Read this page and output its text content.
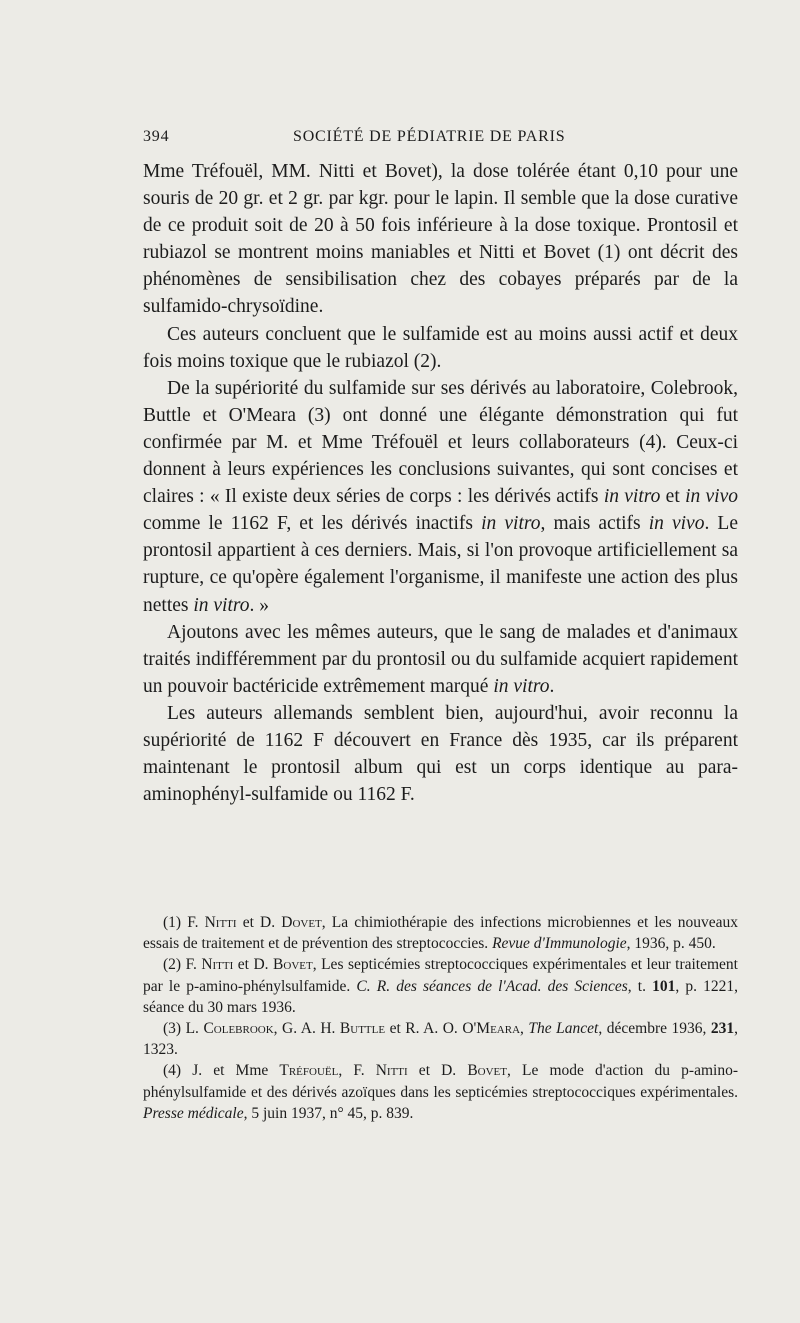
394	SOCIÉTÉ DE PÉDIATRIE DE PARIS

Mme Tréfouël, MM. Nitti et Bovet), la dose tolérée étant 0,10 pour une souris de 20 gr. et 2 gr. par kgr. pour le lapin. Il semble que la dose curative de ce produit soit de 20 à 50 fois inférieure à la dose toxique. Prontosil et rubiazol se montrent moins maniables et Nitti et Bovet (1) ont décrit des phénomènes de sensibilisation chez des cobayes préparés par de la sulfamido-chrysoïdine.

Ces auteurs concluent que le sulfamide est au moins aussi actif et deux fois moins toxique que le rubiazol (2).

De la supériorité du sulfamide sur ses dérivés au laboratoire, Colebrook, Buttle et O'Meara (3) ont donné une élégante démonstration qui fut confirmée par M. et Mme Tréfouël et leurs collaborateurs (4). Ceux-ci donnent à leurs expériences les conclusions suivantes, qui sont concises et claires : « Il existe deux séries de corps : les dérivés actifs in vitro et in vivo comme le 1162 F, et les dérivés inactifs in vitro, mais actifs in vivo. Le prontosil appartient à ces derniers. Mais, si l'on provoque artificiellement sa rupture, ce qu'opère également l'organisme, il manifeste une action des plus nettes in vitro. »

Ajoutons avec les mêmes auteurs, que le sang de malades et d'animaux traités indifféremment par du prontosil ou du sulfamide acquiert rapidement un pouvoir bactéricide extrêmement marqué in vitro.

Les auteurs allemands semblent bien, aujourd'hui, avoir reconnu la supériorité de 1162 F découvert en France dès 1935, car ils préparent maintenant le prontosil album qui est un corps identique au para-aminophényl-sulfamide ou 1162 F.

(1) F. Nitti et D. Dovet, La chimiothérapie des infections microbiennes et les nouveaux essais de traitement et de prévention des streptococcies. Revue d'Immunologie, 1936, p. 450.

(2) F. Nitti et D. Bovet, Les septicémies streptococciques expérimentales et leur traitement par le p-amino-phénylsulfamide. C. R. des séances de l'Acad. des Sciences, t. 101, p. 1221, séance du 30 mars 1936.

(3) L. Colebrook, G. A. H. Buttle et R. A. O. O'Meara, The Lancet, décembre 1936, 231, 1323.

(4) J. et Mme Tréfouël, F. Nitti et D. Bovet, Le mode d'action du p-amino-phénylsulfamide et des dérivés azoïques dans les septicémies streptococciques expérimentales. Presse médicale, 5 juin 1937, n° 45, p. 839.
